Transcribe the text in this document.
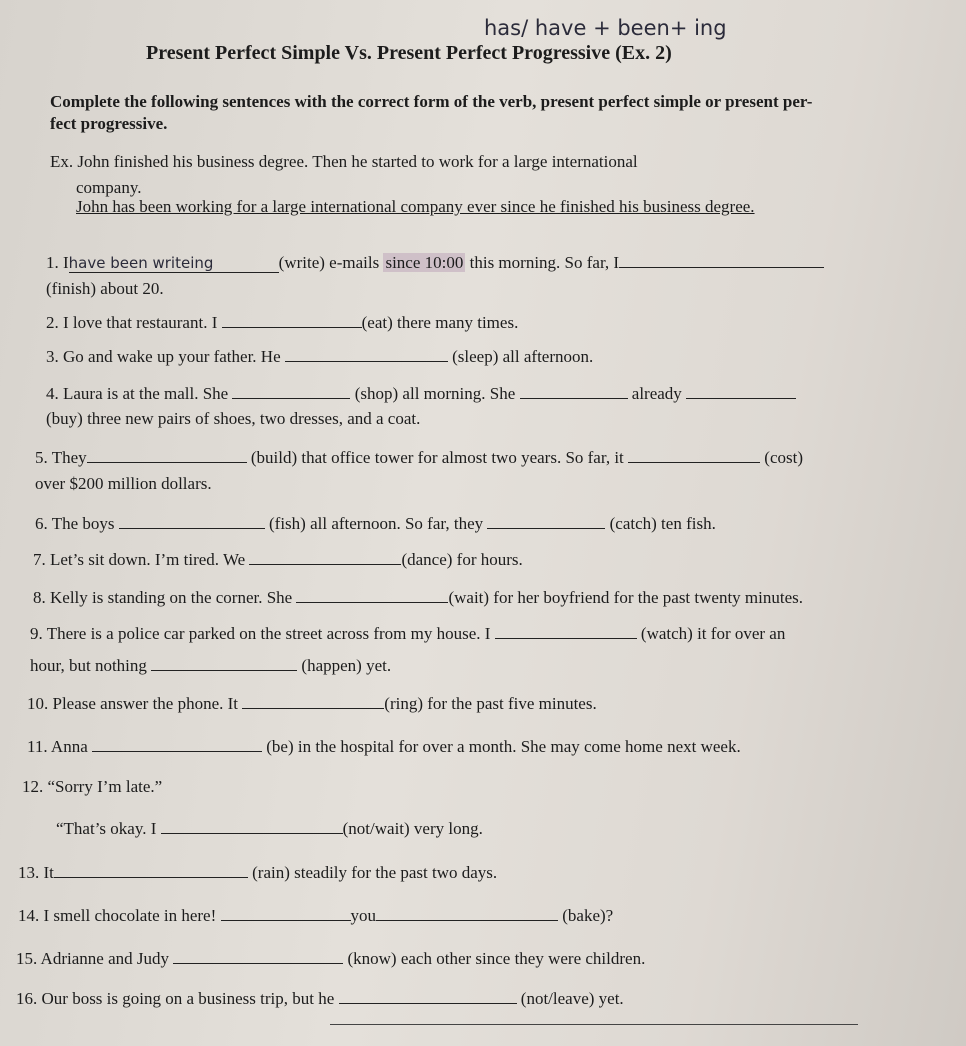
has/ have + been+ ing
Present Perfect Simple Vs. Present Perfect Progressive (Ex. 2)
Complete the following sentences with the correct form of the verb, present perfect simple or present per-
fect progressive.
Ex. John finished his business degree. Then he started to work for a large international
company.
John has been working for a large international company ever since he finished his business degree.
1. Ihave been writeing	(write) e-mails since 10:00 this morning. So far, I
(finish) about 20.
2. I love that restaurant. I	(eat) there many times.
3. Go and wake up your father. He	(sleep) all afternoon.
4. Laura is at the mall. She	(shop) all morning. She	already
(buy) three new pairs of shoes, two dresses, and a coat.
5. They	(build) that office tower for almost two years. So far, it	(cost)
over $200 million dollars.
6. The boys	(fish) all afternoon. So far, they	(catch) ten fish.
7. Let’s sit down. I’m tired. We	(dance) for hours.
8. Kelly is standing on the corner. She	(wait) for her boyfriend for the past twenty minutes.
9. There is a police car parked on the street across from my house. I	(watch) it for over an
hour, but nothing	(happen) yet.
10. Please answer the phone. It	(ring) for the past five minutes.
11. Anna	(be) in the hospital for over a month. She may come home next week.
12. “Sorry I’m late.”
“That’s okay. I	(not/wait) very long.
13. It	(rain) steadily for the past two days.
14. I smell chocolate in here!	you	(bake)?
15. Adrianne and Judy	(know) each other since they were children.
16. Our boss is going on a business trip, but he	(not/leave) yet.
